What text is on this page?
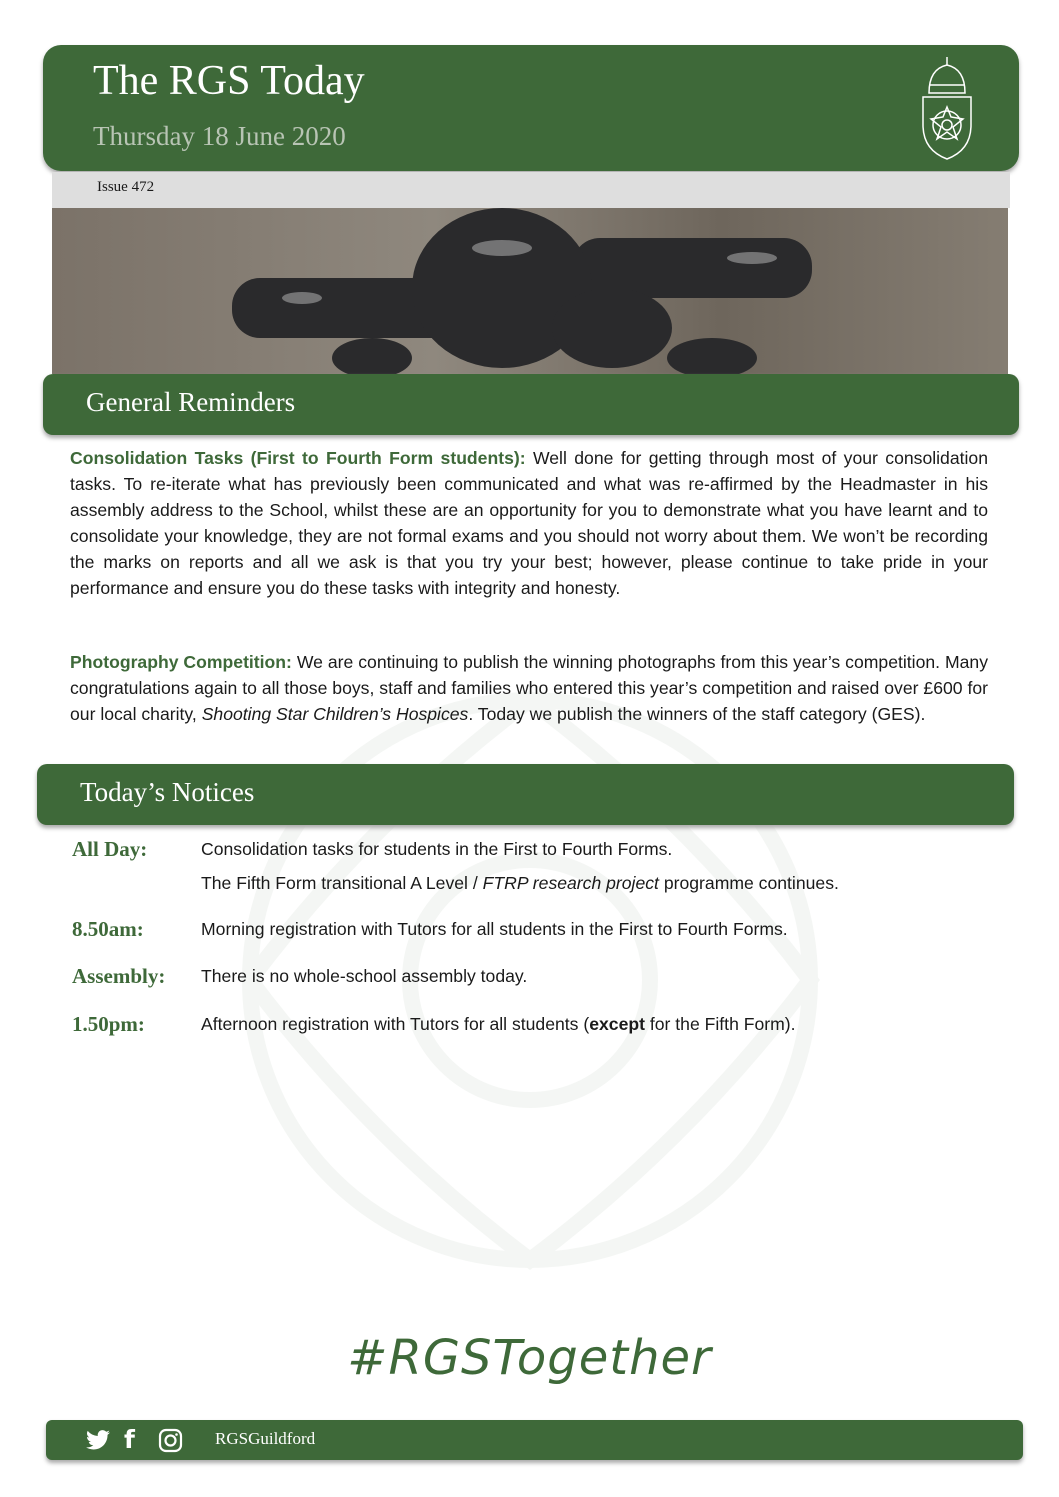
The RGS Today
Thursday 18 June 2020
Issue 472
General Reminders
Consolidation Tasks (First to Fourth Form students): Well done for getting through most of your consolidation tasks. To re-iterate what has previously been communicated and what was re-affirmed by the Headmaster in his assembly address to the School, whilst these are an opportunity for you to demonstrate what you have learnt and to consolidate your knowledge, they are not formal exams and you should not worry about them. We won’t be recording the marks on reports and all we ask is that you try your best; however, please continue to take pride in your performance and ensure you do these tasks with integrity and honesty.
Photography Competition: We are continuing to publish the winning photographs from this year’s competition. Many congratulations again to all those boys, staff and families who entered this year’s competition and raised over £600 for our local charity, Shooting Star Children’s Hospices. Today we publish the winners of the staff category (GES).
Today’s Notices
All Day:	Consolidation tasks for students in the First to Fourth Forms.
The Fifth Form transitional A Level / FTRP research project programme continues.
8.50am:	Morning registration with Tutors for all students in the First to Fourth Forms.
Assembly: There is no whole-school assembly today.
1.50pm:	Afternoon registration with Tutors for all students (except for the Fifth Form).
#RGSTogether
f	RGSGuildford
